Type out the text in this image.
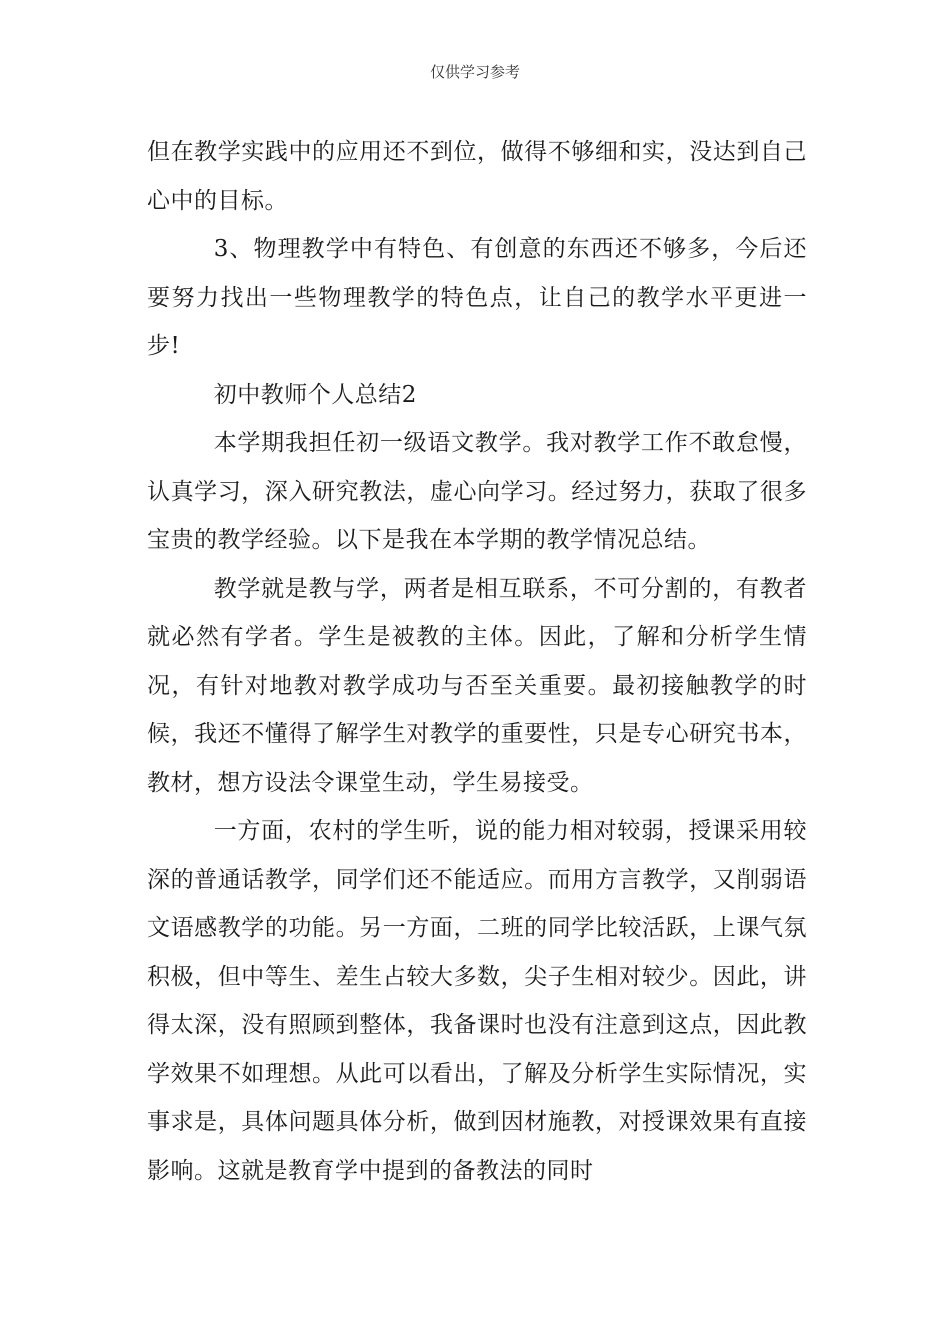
仅供学习参考

但在教学实践中的应用还不到位，做得不够细和实，没达到自己心中的目标。

3、物理教学中有特色、有创意的东西还不够多，今后还要努力找出一些物理教学的特色点，让自己的教学水平更进一步!

初中教师个人总结2

本学期我担任初一级语文教学。我对教学工作不敢怠慢，认真学习，深入研究教法，虚心向学习。经过努力，获取了很多宝贵的教学经验。以下是我在本学期的教学情况总结。

教学就是教与学，两者是相互联系，不可分割的，有教者就必然有学者。学生是被教的主体。因此，了解和分析学生情况，有针对地教对教学成功与否至关重要。最初接触教学的时候，我还不懂得了解学生对教学的重要性，只是专心研究书本，教材，想方设法令课堂生动，学生易接受。

一方面，农村的学生听，说的能力相对较弱，授课采用较深的普通话教学，同学们还不能适应。而用方言教学，又削弱语文语感教学的功能。另一方面，二班的同学比较活跃，上课气氛积极，但中等生、差生占较大多数，尖子生相对较少。因此，讲得太深，没有照顾到整体，我备课时也没有注意到这点，因此教学效果不如理想。从此可以看出，了解及分析学生实际情况，实事求是，具体问题具体分析，做到因材施教，对授课效果有直接影响。这就是教育学中提到的备教法的同时
